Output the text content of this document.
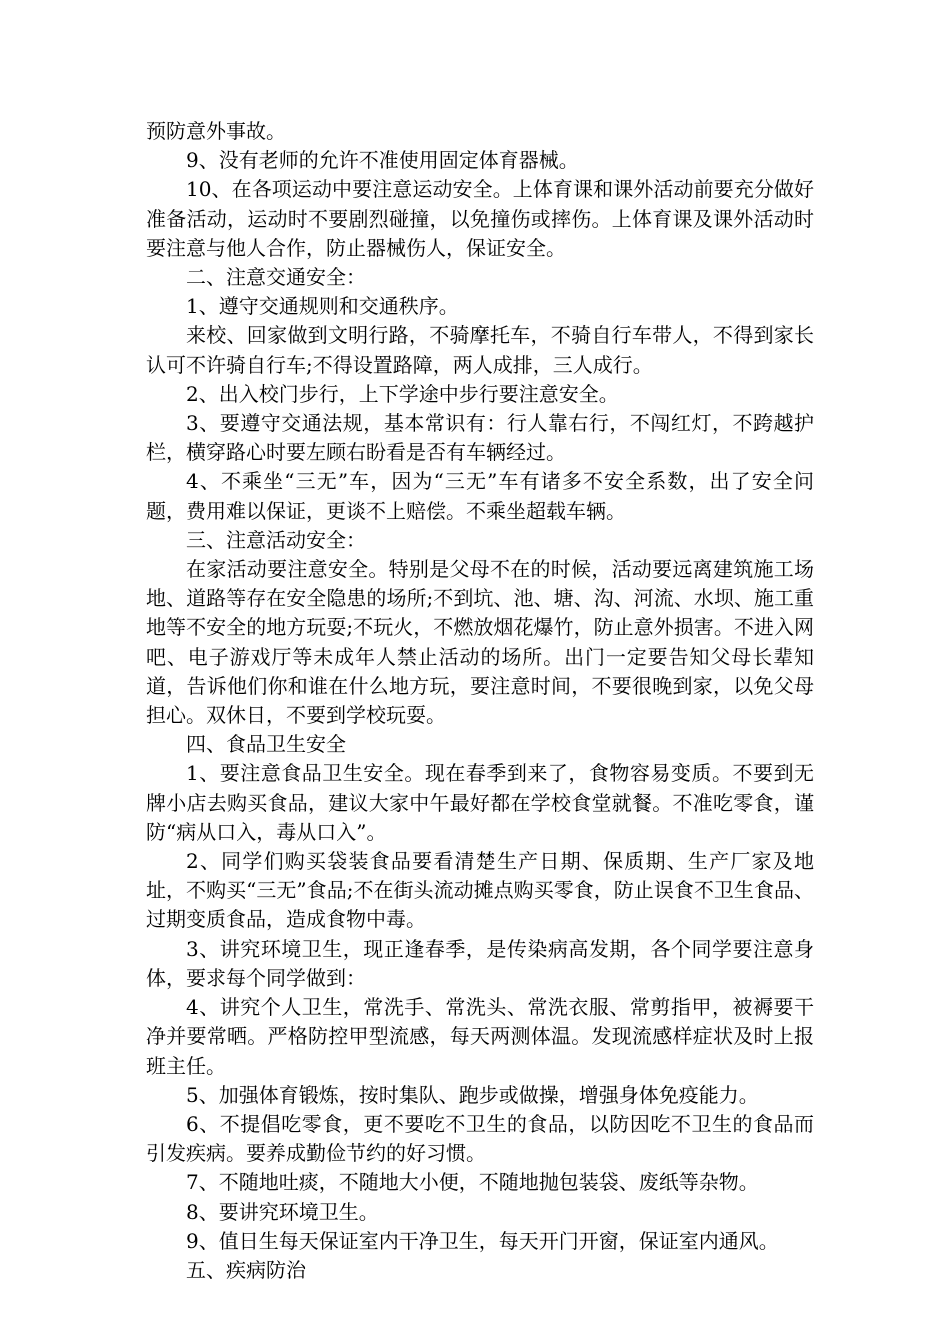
预防意外事故。

9、没有老师的允许不准使用固定体育器械。

10、在各项运动中要注意运动安全。上体育课和课外活动前要充分做好准备活动，运动时不要剧烈碰撞，以免撞伤或摔伤。上体育课及课外活动时要注意与他人合作，防止器械伤人，保证安全。

二、注意交通安全：

1、遵守交通规则和交通秩序。

来校、回家做到文明行路，不骑摩托车，不骑自行车带人，不得到家长认可不许骑自行车;不得设置路障，两人成排，三人成行。

2、出入校门步行，上下学途中步行要注意安全。

3、要遵守交通法规，基本常识有：行人靠右行，不闯红灯，不跨越护栏，横穿路心时要左顾右盼看是否有车辆经过。

4、不乘坐“三无”车，因为“三无”车有诸多不安全系数，出了安全问题，费用难以保证，更谈不上赔偿。不乘坐超载车辆。

三、注意活动安全：

在家活动要注意安全。特别是父母不在的时候，活动要远离建筑施工场地、道路等存在安全隐患的场所;不到坑、池、塘、沟、河流、水坝、施工重地等不安全的地方玩耍;不玩火，不燃放烟花爆竹，防止意外损害。不进入网吧、电子游戏厅等未成年人禁止活动的场所。出门一定要告知父母长辈知道，告诉他们你和谁在什么地方玩，要注意时间，不要很晚到家，以免父母担心。双休日，不要到学校玩耍。

四、食品卫生安全

1、要注意食品卫生安全。现在春季到来了，食物容易变质。不要到无牌小店去购买食品，建议大家中午最好都在学校食堂就餐。不准吃零食，谨防“病从口入，毒从口入”。

2、同学们购买袋装食品要看清楚生产日期、保质期、生产厂家及地址，不购买“三无”食品;不在街头流动摊点购买零食，防止误食不卫生食品、过期变质食品，造成食物中毒。

3、讲究环境卫生，现正逢春季，是传染病高发期，各个同学要注意身体，要求每个同学做到：

4、讲究个人卫生，常洗手、常洗头、常洗衣服、常剪指甲，被褥要干净并要常晒。严格防控甲型流感，每天两测体温。发现流感样症状及时上报班主任。

5、加强体育锻炼，按时集队、跑步或做操，增强身体免疫能力。

6、不提倡吃零食，更不要吃不卫生的食品，以防因吃不卫生的食品而引发疾病。要养成勤俭节约的好习惯。

7、不随地吐痰，不随地大小便，不随地抛包装袋、废纸等杂物。

8、要讲究环境卫生。

9、值日生每天保证室内干净卫生，每天开门开窗，保证室内通风。

五、疾病防治
